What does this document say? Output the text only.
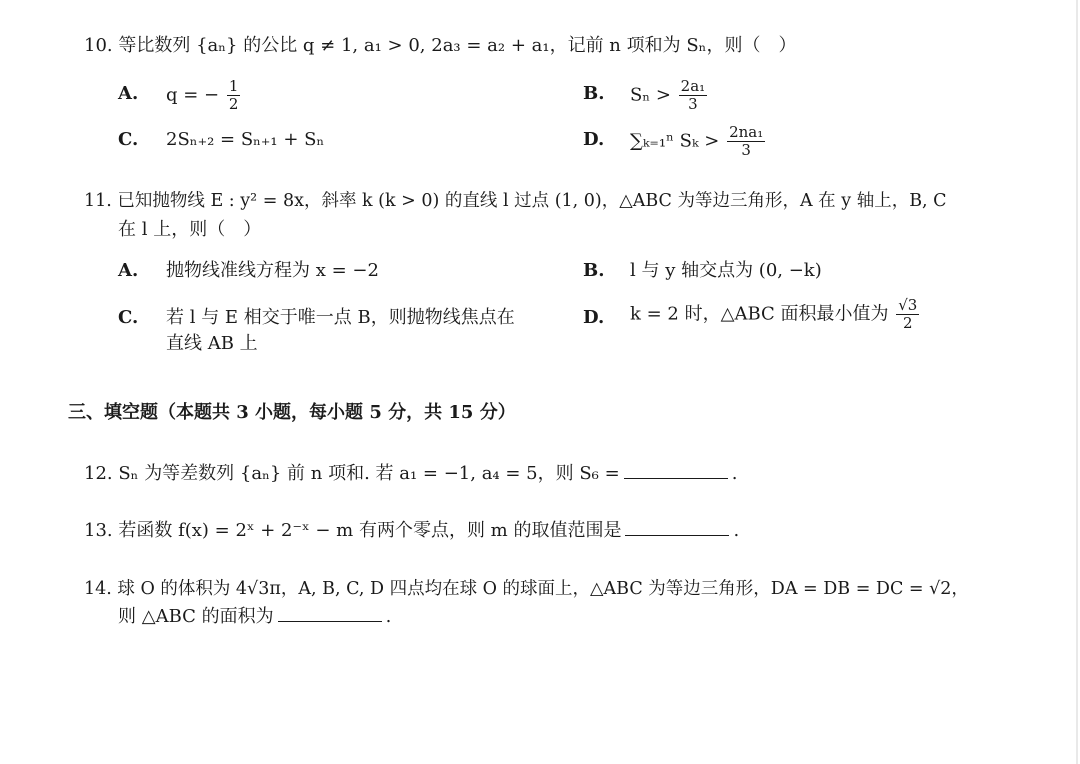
10. 等比数列 {aₙ} 的公比 q ≠ 1, a₁ > 0, 2a₃ = a₂ + a₁，记前 n 项和为 Sₙ，则（　）
A. q = − $\frac{1}{2}$	B. $S_n > \frac{\text{2a₁}}{3}$
C. 2Sₙ₊₂ = Sₙ₊₁ + Sₙ	D. ∑ₖ₌₁ⁿ $S_k > \frac{\text{2na₁}}{3}$
11. 已知抛物线 E : y² = 8x，斜率 k (k > 0) 的直线 l 过点 (1, 0)，△ABC 为等边三角形，A 在 y 轴上，B, C
在 l 上，则（　）
A. 抛物线准线方程为 x = −2	B. l 与 y 轴交点为 (0, −k)
C. 若 l 与 E 相交于唯一点 B，则抛物线焦点在
直线 AB 上
D. k = 2 时，△ABC 面积最小值为 $\frac{√3}{2}$
三、填空题（本题共 3 小题，每小题 5 分，共 15 分）
12. Sₙ 为等差数列 {aₙ} 前 n 项和. 若 a₁ = −1, a₄ = 5，则 S₆ =	.
13. 若函数 f(x) = 2ˣ + 2⁻ˣ − m 有两个零点，则 m 的取值范围是	.
14. 球 O 的体积为 4√3π，A, B, C, D 四点均在球 O 的球面上，△ABC 为等边三角形，DA = DB = DC = √2，
则 △ABC 的面积为	.
